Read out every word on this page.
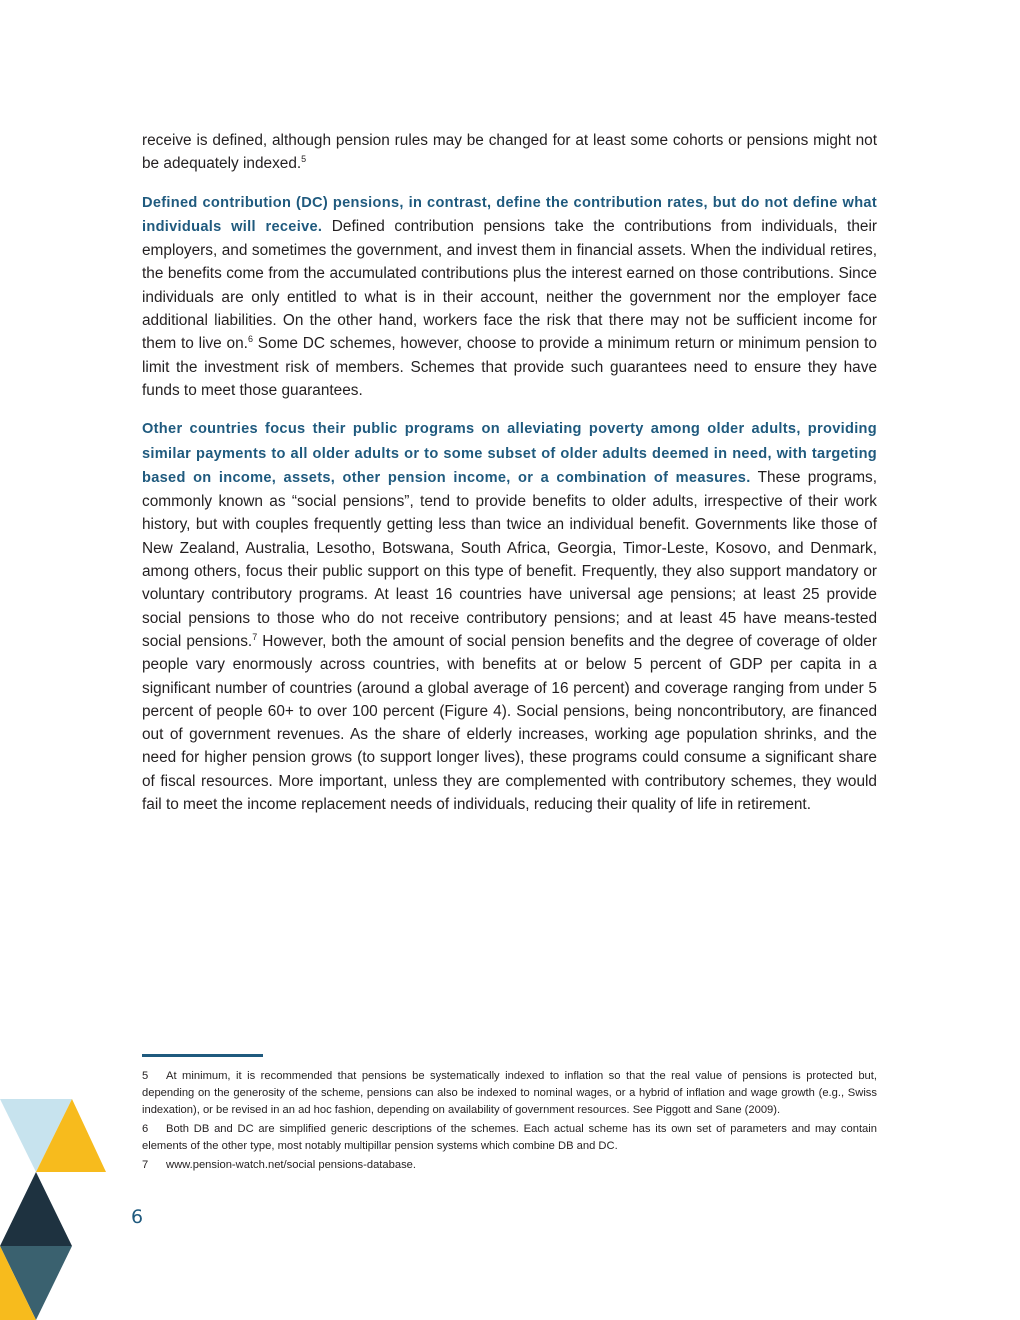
receive is defined, although pension rules may be changed for at least some cohorts or pensions might not be adequately indexed.$^5$

Defined contribution (DC) pensions, in contrast, define the contribution rates, but do not define what individuals will receive. Defined contribution pensions take the contributions from individuals, their employers, and sometimes the government, and invest them in financial assets. When the individual retires, the benefits come from the accumulated contributions plus the interest earned on those contributions. Since individuals are only entitled to what is in their account, neither the government nor the employer face additional liabilities. On the other hand, workers face the risk that there may not be sufficient income for them to live on.$^6$ Some DC schemes, however, choose to provide a minimum return or minimum pension to limit the investment risk of members. Schemes that provide such guarantees need to ensure they have funds to meet those guarantees.

Other countries focus their public programs on alleviating poverty among older adults, providing similar payments to all older adults or to some subset of older adults deemed in need, with targeting based on income, assets, other pension income, or a combination of measures. These programs, commonly known as “social pensions”, tend to provide benefits to older adults, irrespective of their work history, but with couples frequently getting less than twice an individual benefit. Governments like those of New Zealand, Australia, Lesotho, Botswana, South Africa, Georgia, Timor-Leste, Kosovo, and Denmark, among others, focus their public support on this type of benefit. Frequently, they also support mandatory or voluntary contributory programs. At least 16 countries have universal age pensions; at least 25 provide social pensions to those who do not receive contributory pensions; and at least 45 have means-tested social pensions.$^7$ However, both the amount of social pension benefits and the degree of coverage of older people vary enormously across countries, with benefits at or below 5 percent of GDP per capita in a significant number of countries (around a global average of 16 percent) and coverage ranging from under 5 percent of people 60+ to over 100 percent (Figure 4). Social pensions, being noncontributory, are financed out of government revenues. As the share of elderly increases, working age population shrinks, and the need for higher pension grows (to support longer lives), these programs could consume a significant share of fiscal resources. More important, unless they are complemented with contributory schemes, they would fail to meet the income replacement needs of individuals, reducing their quality of life in retirement.

5 At minimum, it is recommended that pensions be systematically indexed to inflation so that the real value of pensions is protected but, depending on the generosity of the scheme, pensions can also be indexed to nominal wages, or a hybrid of inflation and wage growth (e.g., Swiss indexation), or be revised in an ad hoc fashion, depending on availability of government resources. See Piggott and Sane (2009).

6 Both DB and DC are simplified generic descriptions of the schemes. Each actual scheme has its own set of parameters and may contain elements of the other type, most notably multipillar pension systems which combine DB and DC.

7 www.pension-watch.net/social pensions-database.

6
